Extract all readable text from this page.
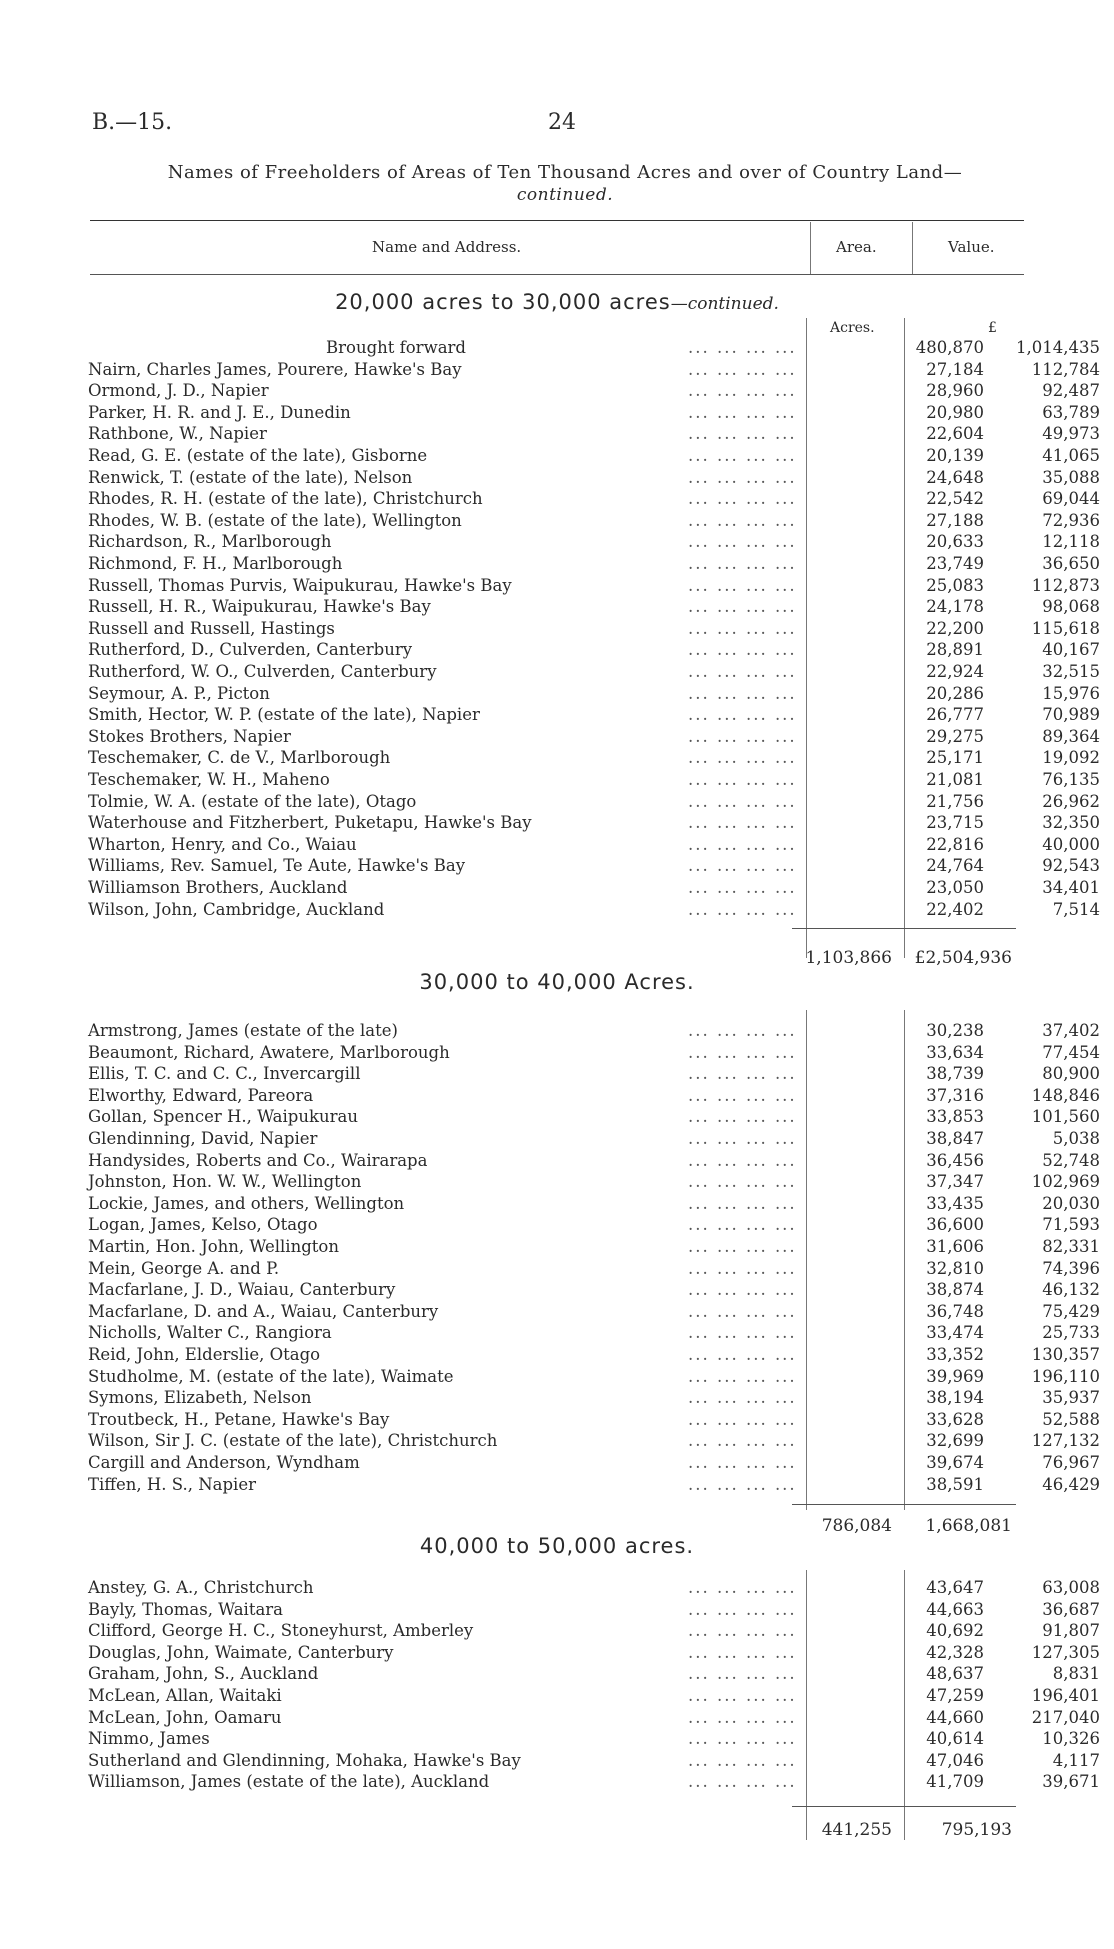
B.—15.	24
Names of Freeholders of Areas of Ten Thousand Acres and over of Country Land—
continued.
Name and Address.	Area.	Value.
20,000 acres to 30,000 acres—continued.
Acres.	£
Brought forward	... ... ... ...	480,870	1,014,435
Nairn, Charles James, Pourere, Hawke's Bay	... ... ... ...	27,184	112,784
Ormond, J. D., Napier	... ... ... ...	28,960	92,487
Parker, H. R. and J. E., Dunedin	... ... ... ...	20,980	63,789
Rathbone, W., Napier	... ... ... ...	22,604	49,973
Read, G. E. (estate of the late), Gisborne	... ... ... ...	20,139	41,065
Renwick, T. (estate of the late), Nelson	... ... ... ...	24,648	35,088
Rhodes, R. H. (estate of the late), Christchurch	... ... ... ...	22,542	69,044
Rhodes, W. B. (estate of the late), Wellington	... ... ... ...	27,188	72,936
Richardson, R., Marlborough	... ... ... ...	20,633	12,118
Richmond, F. H., Marlborough	... ... ... ...	23,749	36,650
Russell, Thomas Purvis, Waipukurau, Hawke's Bay	... ... ... ...	25,083	112,873
Russell, H. R., Waipukurau, Hawke's Bay	... ... ... ...	24,178	98,068
Russell and Russell, Hastings	... ... ... ...	22,200	115,618
Rutherford, D., Culverden, Canterbury	... ... ... ...	28,891	40,167
Rutherford, W. O., Culverden, Canterbury	... ... ... ...	22,924	32,515
Seymour, A. P., Picton	... ... ... ...	20,286	15,976
Smith, Hector, W. P. (estate of the late), Napier	... ... ... ...	26,777	70,989
Stokes Brothers, Napier	... ... ... ...	29,275	89,364
Teschemaker, C. de V., Marlborough	... ... ... ...	25,171	19,092
Teschemaker, W. H., Maheno	... ... ... ...	21,081	76,135
Tolmie, W. A. (estate of the late), Otago	... ... ... ...	21,756	26,962
Waterhouse and Fitzherbert, Puketapu, Hawke's Bay	... ... ... ...	23,715	32,350
Wharton, Henry, and Co., Waiau	... ... ... ...	22,816	40,000
Williams, Rev. Samuel, Te Aute, Hawke's Bay	... ... ... ...	24,764	92,543
Williamson Brothers, Auckland	... ... ... ...	23,050	34,401
Wilson, John, Cambridge, Auckland	... ... ... ...	22,402	7,514
1,103,866	£2,504,936
30,000 to 40,000 Acres.
Armstrong, James (estate of the late)	... ... ... ...	30,238	37,402
Beaumont, Richard, Awatere, Marlborough	... ... ... ...	33,634	77,454
Ellis, T. C. and C. C., Invercargill	... ... ... ...	38,739	80,900
Elworthy, Edward, Pareora	... ... ... ...	37,316	148,846
Gollan, Spencer H., Waipukurau	... ... ... ...	33,853	101,560
Glendinning, David, Napier	... ... ... ...	38,847	5,038
Handysides, Roberts and Co., Wairarapa	... ... ... ...	36,456	52,748
Johnston, Hon. W. W., Wellington	... ... ... ...	37,347	102,969
Lockie, James, and others, Wellington	... ... ... ...	33,435	20,030
Logan, James, Kelso, Otago	... ... ... ...	36,600	71,593
Martin, Hon. John, Wellington	... ... ... ...	31,606	82,331
Mein, George A. and P.	... ... ... ...	32,810	74,396
Macfarlane, J. D., Waiau, Canterbury	... ... ... ...	38,874	46,132
Macfarlane, D. and A., Waiau, Canterbury	... ... ... ...	36,748	75,429
Nicholls, Walter C., Rangiora	... ... ... ...	33,474	25,733
Reid, John, Elderslie, Otago	... ... ... ...	33,352	130,357
Studholme, M. (estate of the late), Waimate	... ... ... ...	39,969	196,110
Symons, Elizabeth, Nelson	... ... ... ...	38,194	35,937
Troutbeck, H., Petane, Hawke's Bay	... ... ... ...	33,628	52,588
Wilson, Sir J. C. (estate of the late), Christchurch	... ... ... ...	32,699	127,132
Cargill and Anderson, Wyndham	... ... ... ...	39,674	76,967
Tiffen, H. S., Napier	... ... ... ...	38,591	46,429
786,084	1,668,081
40,000 to 50,000 acres.
Anstey, G. A., Christchurch	... ... ... ...	43,647	63,008
Bayly, Thomas, Waitara	... ... ... ...	44,663	36,687
Clifford, George H. C., Stoneyhurst, Amberley	... ... ... ...	40,692	91,807
Douglas, John, Waimate, Canterbury	... ... ... ...	42,328	127,305
Graham, John, S., Auckland	... ... ... ...	48,637	8,831
McLean, Allan, Waitaki	... ... ... ...	47,259	196,401
McLean, John, Oamaru	... ... ... ...	44,660	217,040
Nimmo, James	... ... ... ...	40,614	10,326
Sutherland and Glendinning, Mohaka, Hawke's Bay	... ... ... ...	47,046	4,117
Williamson, James (estate of the late), Auckland	... ... ... ...	41,709	39,671
441,255	795,193
